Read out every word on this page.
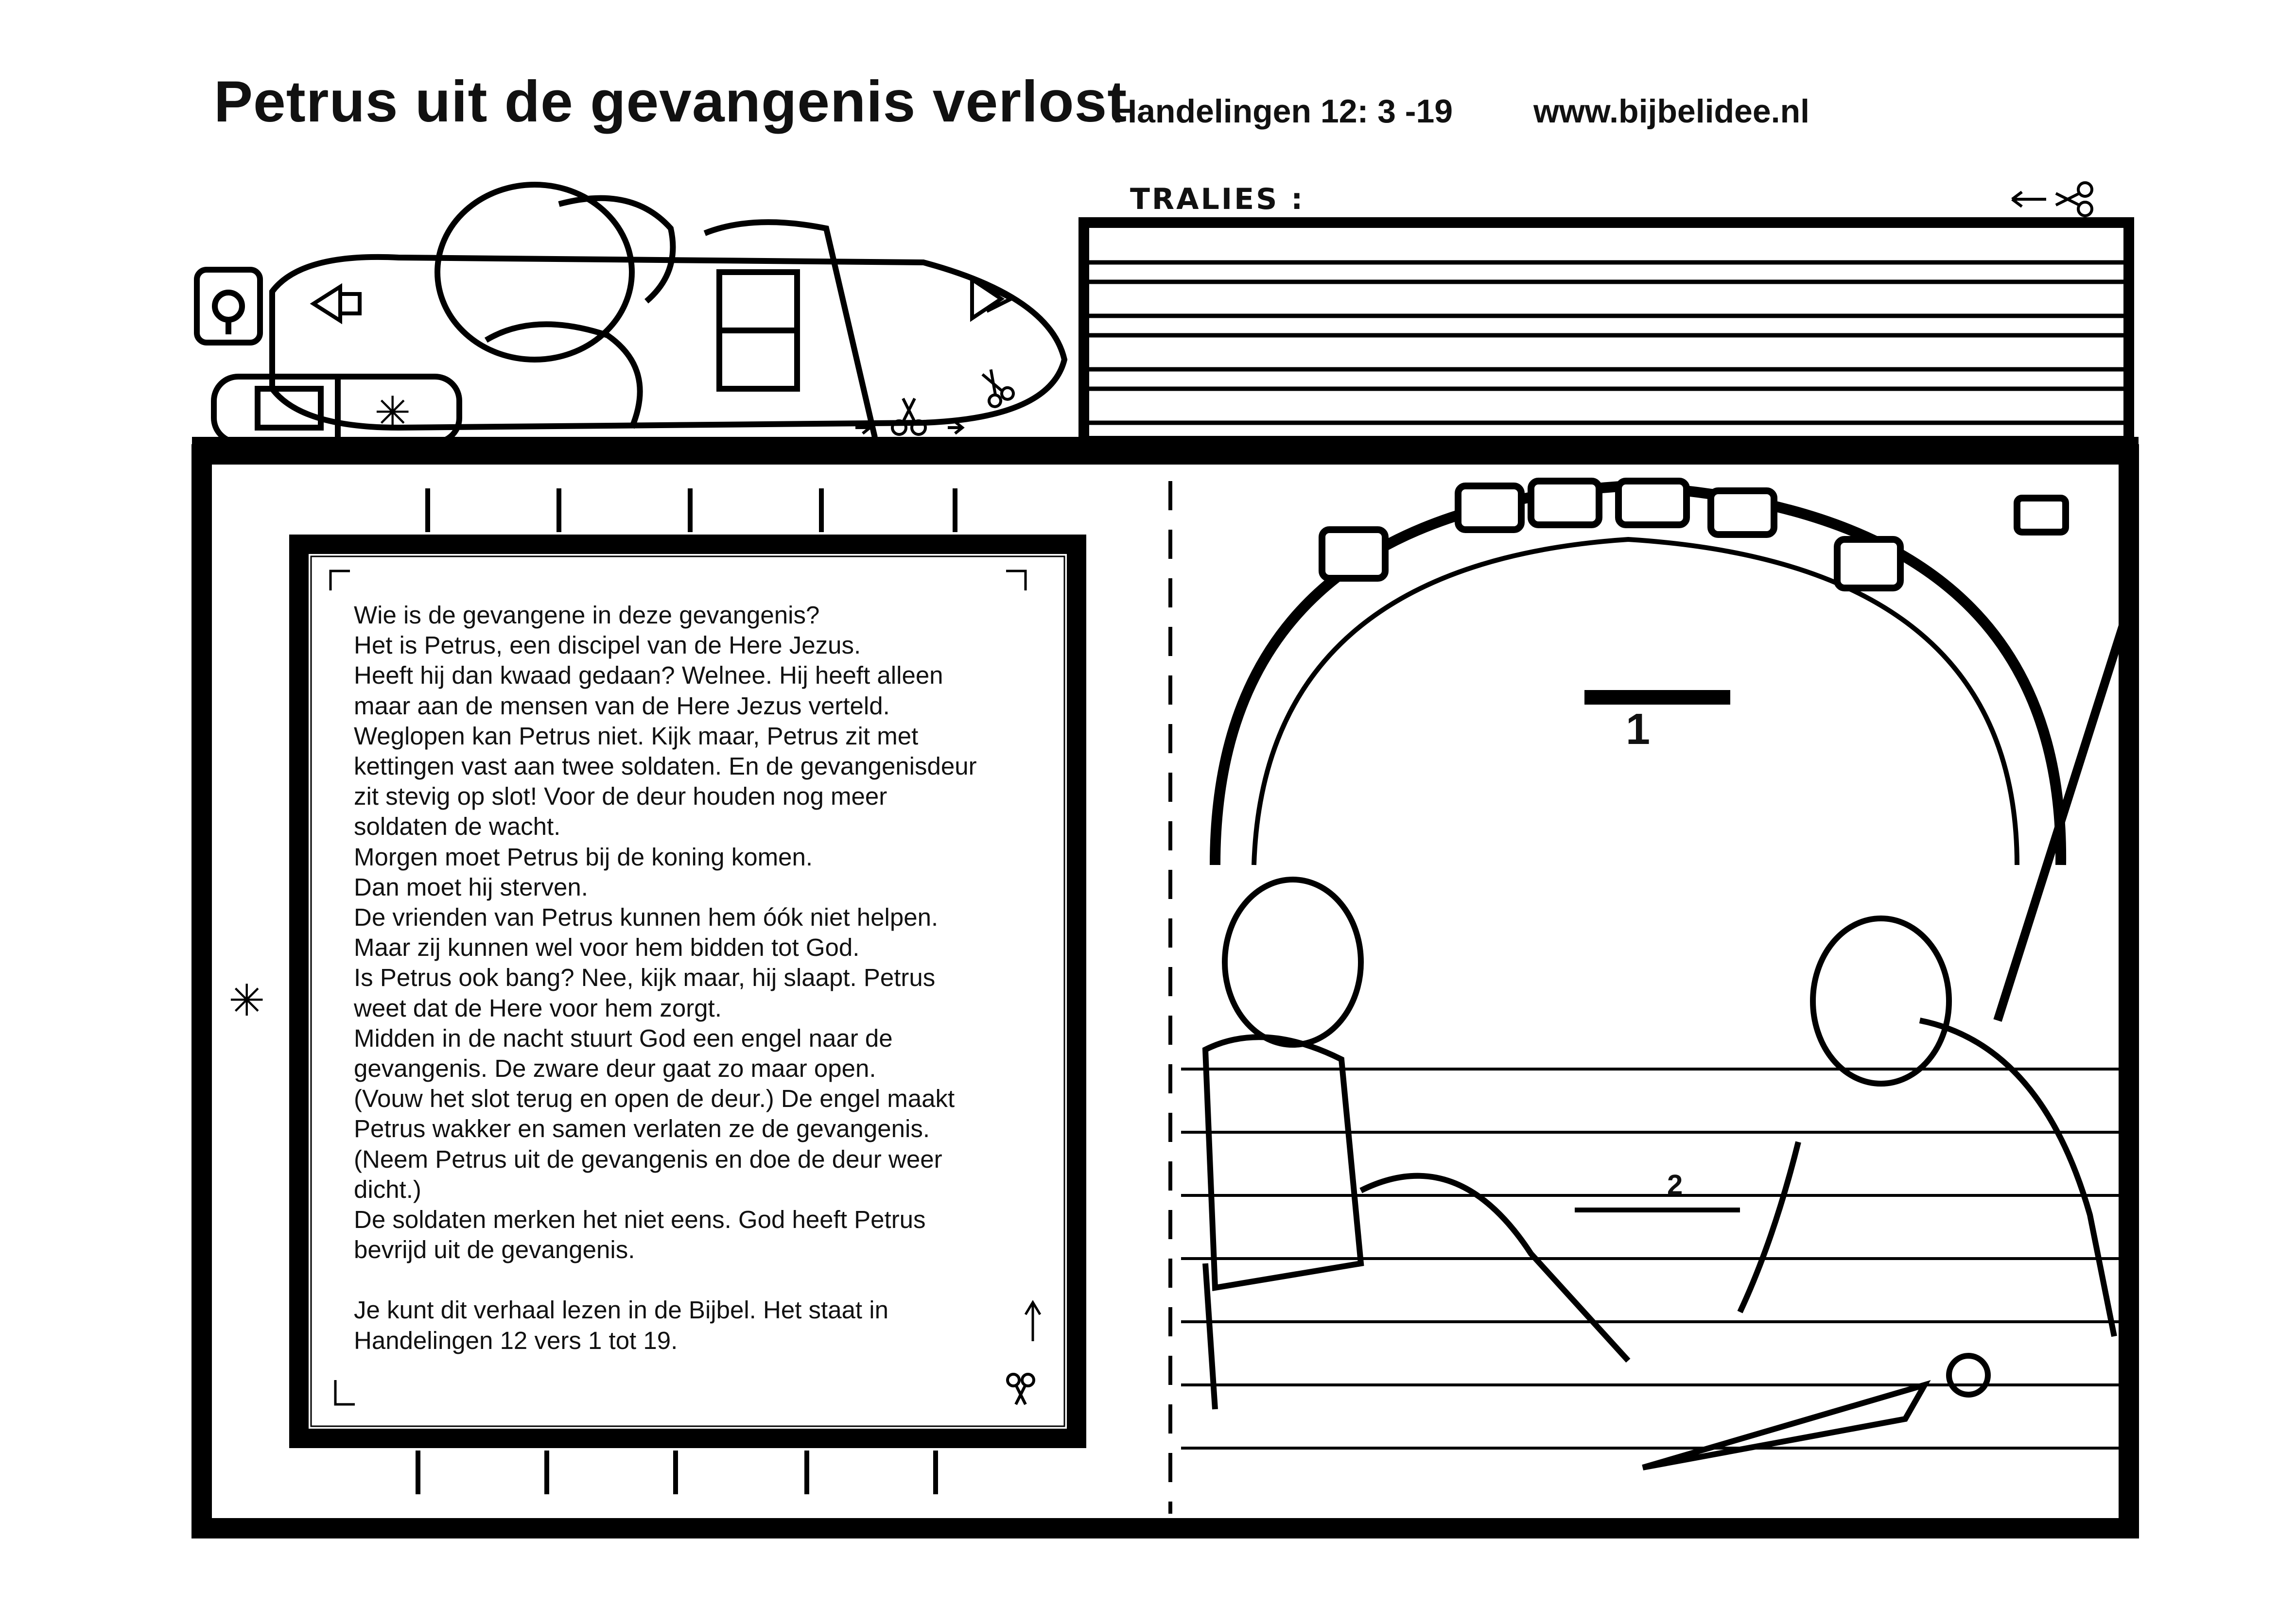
Petrus uit de gevangenis verlost
Handelingen 12: 3 -19 www.bijbelidee.nl
✳
✳
TRALIES :
1
2

Wie is de gevangene in deze gevangenis?

Het is Petrus, een discipel van de Here Jezus.

Heeft hij dan kwaad gedaan? Welnee. Hij heeft alleen

maar aan de mensen van de Here Jezus verteld.

Weglopen kan Petrus niet. Kijk maar, Petrus zit met

kettingen vast aan twee soldaten. En de gevangenisdeur

zit stevig op slot! Voor de deur houden nog meer

soldaten de wacht.

Morgen moet Petrus bij de koning komen.

Dan moet hij sterven.

De vrienden van Petrus kunnen hem óók niet helpen.

Maar zij kunnen wel voor hem bidden tot God.

Is Petrus ook bang? Nee, kijk maar, hij slaapt. Petrus

weet dat de Here voor hem zorgt.

Midden in de nacht stuurt God een engel naar de

gevangenis. De zware deur gaat zo maar open.

(Vouw het slot terug en open de deur.) De engel maakt

Petrus wakker en samen verlaten ze de gevangenis.

(Neem Petrus uit de gevangenis en doe de deur weer

dicht.)

De soldaten merken het niet eens. God heeft Petrus

bevrijd uit de gevangenis.

Je kunt dit verhaal lezen in de Bijbel. Het staat in

Handelingen 12 vers 1 tot 19.
